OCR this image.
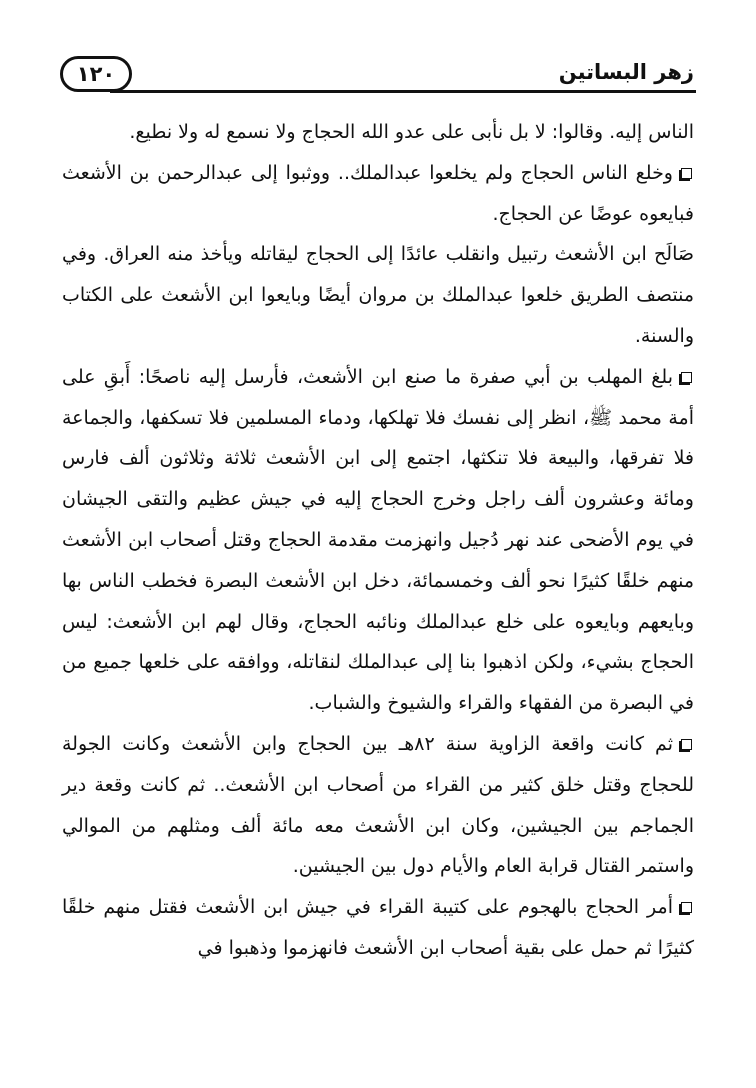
زهر البساتين
١٢٠

الناس إليه. وقالوا: لا بل نأبى على عدو الله الحجاج ولا نسمع له ولا نطيع.

وخلع الناس الحجاج ولم يخلعوا عبدالملك.. ووثبوا إلى عبدالرحمن بن الأشعث فبايعوه عوضًا عن الحجاج.

صَالَح ابن الأشعث رتبيل وانقلب عائدًا إلى الحجاج ليقاتله ويأخذ منه العراق. وفي منتصف الطريق خلعوا عبدالملك بن مروان أيضًا وبايعوا ابن الأشعث على الكتاب والسنة.

بلغ المهلب بن أبي صفرة ما صنع ابن الأشعث، فأرسل إليه ناصحًا: أَبقِ على أمة محمد ﷺ، انظر إلى نفسك فلا تهلكها، ودماء المسلمين فلا تسكفها، والجماعة فلا تفرقها، والبيعة فلا تنكثها، اجتمع إلى ابن الأشعث ثلاثة وثلاثون ألف فارس ومائة وعشرون ألف راجل وخرج الحجاج إليه في جيش عظيم والتقى الجيشان في يوم الأضحى عند نهر دُجيل وانهزمت مقدمة الحجاج وقتل أصحاب ابن الأشعث منهم خلقًا كثيرًا نحو ألف وخمسمائة، دخل ابن الأشعث البصرة فخطب الناس بها وبايعهم وبايعوه على خلع عبدالملك ونائبه الحجاج، وقال لهم ابن الأشعث: ليس الحجاج بشيء، ولكن اذهبوا بنا إلى عبدالملك لنقاتله، ووافقه على خلعها جميع من في البصرة من الفقهاء والقراء والشيوخ والشباب.

ثم كانت واقعة الزاوية سنة ٨٢هـ بين الحجاج وابن الأشعث وكانت الجولة للحجاج وقتل خلق كثير من القراء من أصحاب ابن الأشعث.. ثم كانت وقعة دير الجماجم بين الجيشين، وكان ابن الأشعث معه مائة ألف ومثلهم من الموالي واستمر القتال قرابة العام والأيام دول بين الجيشين.

أمر الحجاج بالهجوم على كتيبة القراء في جيش ابن الأشعث فقتل منهم خلقًا كثيرًا ثم حمل على بقية أصحاب ابن الأشعث فانهزموا وذهبوا في
